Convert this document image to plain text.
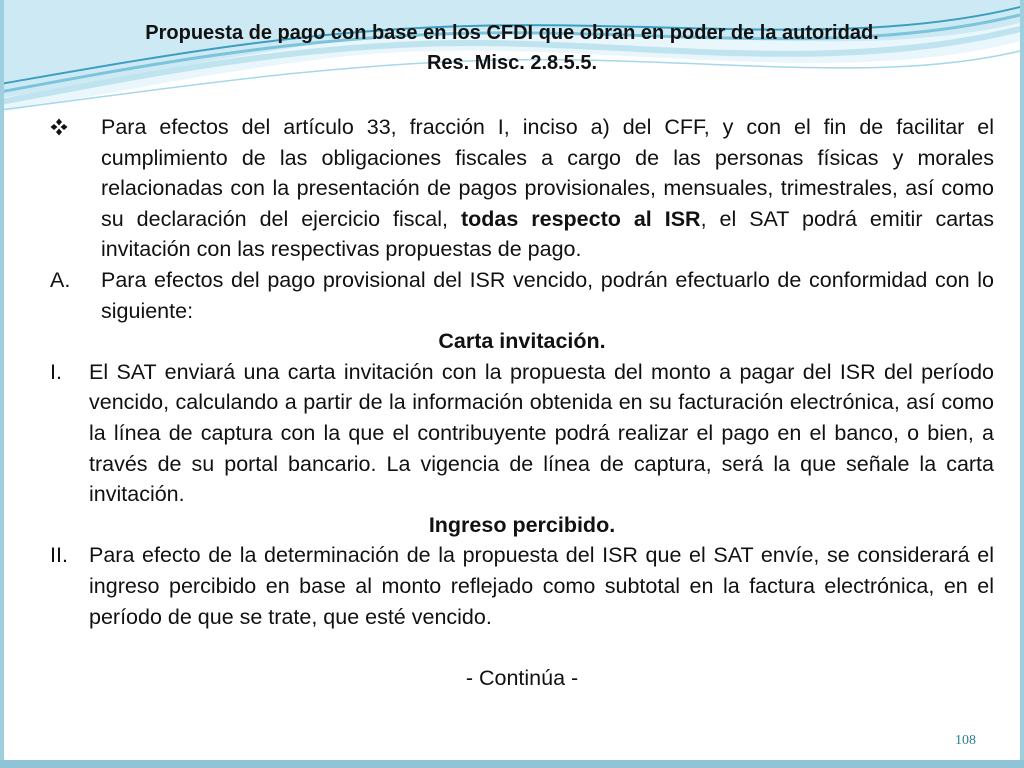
Propuesta de pago con base en los CFDI que obran en poder de la autoridad.
Res. Misc. 2.8.5.5.
Para efectos del artículo 33, fracción I, inciso a) del CFF, y con el fin de facilitar el cumplimiento de las obligaciones fiscales a cargo de las personas físicas y morales relacionadas con la presentación de pagos provisionales, mensuales, trimestrales, así como su declaración del ejercicio fiscal, todas respecto al ISR, el SAT podrá emitir cartas invitación con las respectivas propuestas de pago.
A. Para efectos del pago provisional del ISR vencido, podrán efectuarlo de conformidad con lo siguiente:
Carta invitación.
I. El SAT enviará una carta invitación con la propuesta del monto a pagar del ISR del período vencido, calculando a partir de la información obtenida en su facturación electrónica, así como la línea de captura con la que el contribuyente podrá realizar el pago en el banco, o bien, a través de su portal bancario. La vigencia de línea de captura, será la que señale la carta invitación.
Ingreso percibido.
II. Para efecto de la determinación de la propuesta del ISR que el SAT envíe, se considerará el ingreso percibido en base al monto reflejado como subtotal en la factura electrónica, en el período de que se trate, que esté vencido.
- Continúa -
108
